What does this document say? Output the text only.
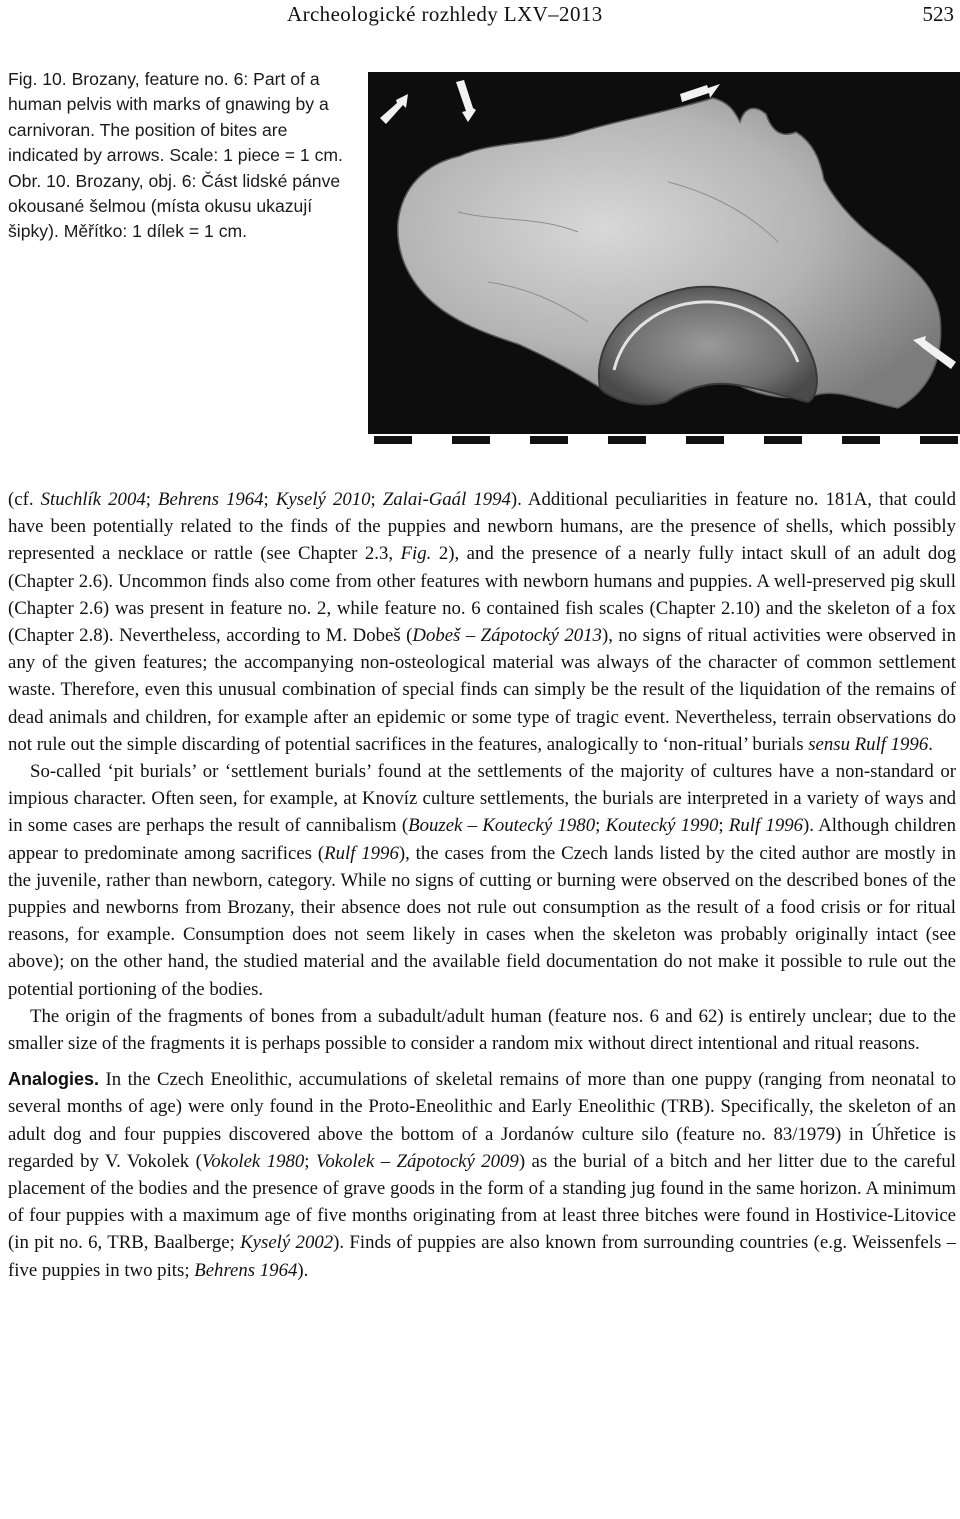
Archeologické rozhledy LXV–2013	523

Fig. 10. Brozany, feature no. 6: Part of a human pelvis with marks of gnawing by a carnivoran. The position of bites are indicated by arrows. Scale: 1 piece = 1 cm.

Obr. 10. Brozany, obj. 6: Část lidské pánve okousané šelmou (místa okusu ukazují šipky). Měřítko: 1 dílek = 1 cm.

(cf. Stuchlík 2004; Behrens 1964; Kyselý 2010; Zalai-Gaál 1994). Additional peculiarities in feature no. 181A, that could have been potentially related to the finds of the puppies and newborn humans, are the presence of shells, which possibly represented a necklace or rattle (see Chapter 2.3, Fig. 2), and the presence of a nearly fully intact skull of an adult dog (Chapter 2.6). Uncommon finds also come from other features with newborn humans and puppies. A well-preserved pig skull (Chapter 2.6) was present in feature no. 2, while feature no. 6 contained fish scales (Chapter 2.10) and the skeleton of a fox (Chapter 2.8). Nevertheless, according to M. Dobeš (Dobeš – Zápotocký 2013), no signs of ritual activities were observed in any of the given features; the accompanying non-osteological material was always of the character of common settlement waste. Therefore, even this unusual combination of special finds can simply be the result of the liquidation of the remains of dead animals and children, for example after an epidemic or some type of tragic event. Nevertheless, terrain observations do not rule out the simple discarding of potential sacrifices in the features, analogically to ‘non-ritual’ burials sensu Rulf 1996.

So-called ‘pit burials’ or ‘settlement burials’ found at the settlements of the majority of cultures have a non-standard or impious character. Often seen, for example, at Knovíz culture settlements, the burials are interpreted in a variety of ways and in some cases are perhaps the result of cannibalism (Bouzek – Koutecký 1980; Koutecký 1990; Rulf 1996). Although children appear to predominate among sacrifices (Rulf 1996), the cases from the Czech lands listed by the cited author are mostly in the juvenile, rather than newborn, category. While no signs of cutting or burning were observed on the described bones of the puppies and newborns from Brozany, their absence does not rule out consumption as the result of a food crisis or for ritual reasons, for example. Consumption does not seem likely in cases when the skeleton was probably originally intact (see above); on the other hand, the studied material and the available field documentation do not make it possible to rule out the potential portioning of the bodies.

The origin of the fragments of bones from a subadult/adult human (feature nos. 6 and 62) is entirely unclear; due to the smaller size of the fragments it is perhaps possible to consider a random mix without direct intentional and ritual reasons.

Analogies. In the Czech Eneolithic, accumulations of skeletal remains of more than one puppy (ranging from neonatal to several months of age) were only found in the Proto-Eneolithic and Early Eneolithic (TRB). Specifically, the skeleton of an adult dog and four puppies discovered above the bottom of a Jordanów culture silo (feature no. 83/1979) in Úhřetice is regarded by V. Vokolek (Vokolek 1980; Vokolek – Zápotocký 2009) as the burial of a bitch and her litter due to the careful placement of the bodies and the presence of grave goods in the form of a standing jug found in the same horizon. A minimum of four puppies with a maximum age of five months originating from at least three bitches were found in Hostivice-Litovice (in pit no. 6, TRB, Baalberge; Kyselý 2002). Finds of puppies are also known from surrounding countries (e.g. Weissenfels – five puppies in two pits; Behrens 1964).
